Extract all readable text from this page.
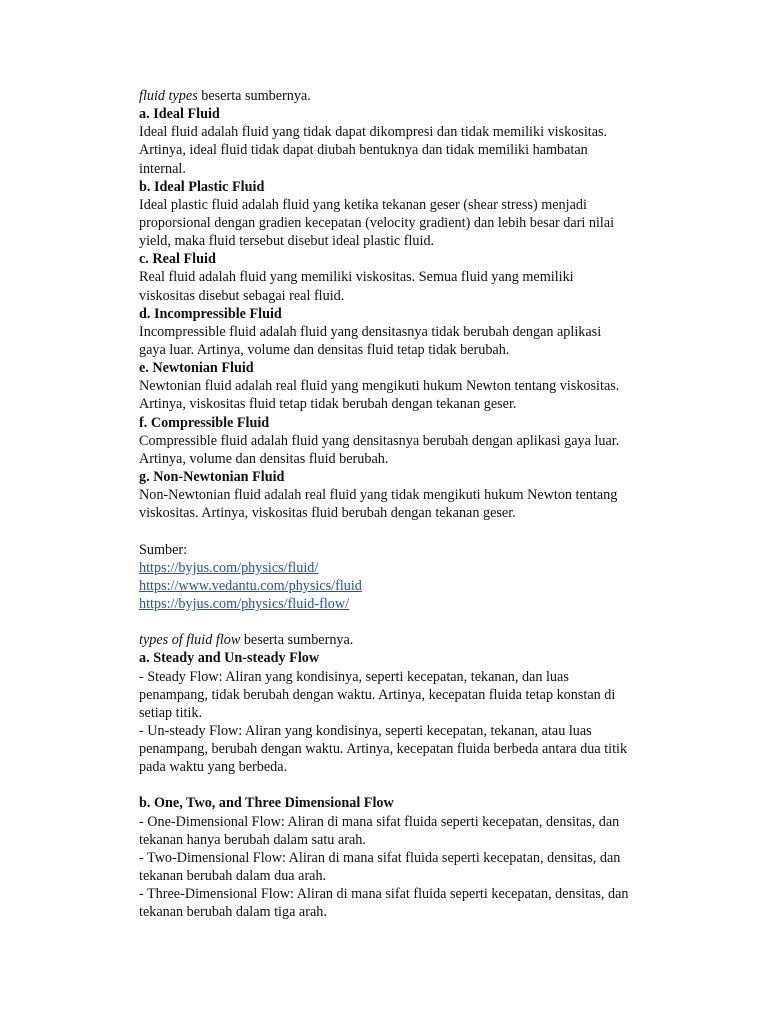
fluid types beserta sumbernya.
a. Ideal Fluid
Ideal fluid adalah fluid yang tidak dapat dikompresi dan tidak memiliki viskositas.
Artinya, ideal fluid tidak dapat diubah bentuknya dan tidak memiliki hambatan
internal.
b. Ideal Plastic Fluid
Ideal plastic fluid adalah fluid yang ketika tekanan geser (shear stress) menjadi
proporsional dengan gradien kecepatan (velocity gradient) dan lebih besar dari nilai
yield, maka fluid tersebut disebut ideal plastic fluid.
c. Real Fluid
Real fluid adalah fluid yang memiliki viskositas. Semua fluid yang memiliki
viskositas disebut sebagai real fluid.
d. Incompressible Fluid
Incompressible fluid adalah fluid yang densitasnya tidak berubah dengan aplikasi
gaya luar. Artinya, volume dan densitas fluid tetap tidak berubah.
e. Newtonian Fluid
Newtonian fluid adalah real fluid yang mengikuti hukum Newton tentang viskositas.
Artinya, viskositas fluid tetap tidak berubah dengan tekanan geser.
f. Compressible Fluid
Compressible fluid adalah fluid yang densitasnya berubah dengan aplikasi gaya luar.
Artinya, volume dan densitas fluid berubah.
g. Non-Newtonian Fluid
Non-Newtonian fluid adalah real fluid yang tidak mengikuti hukum Newton tentang
viskositas. Artinya, viskositas fluid berubah dengan tekanan geser.
Sumber:
https://byjus.com/physics/fluid/
https://www.vedantu.com/physics/fluid
https://byjus.com/physics/fluid-flow/
types of fluid flow beserta sumbernya.
a. Steady and Un-steady Flow
- Steady Flow: Aliran yang kondisinya, seperti kecepatan, tekanan, dan luas
penampang, tidak berubah dengan waktu. Artinya, kecepatan fluida tetap konstan di
setiap titik.
- Un-steady Flow: Aliran yang kondisinya, seperti kecepatan, tekanan, atau luas
penampang, berubah dengan waktu. Artinya, kecepatan fluida berbeda antara dua titik
pada waktu yang berbeda.
b. One, Two, and Three Dimensional Flow
- One-Dimensional Flow: Aliran di mana sifat fluida seperti kecepatan, densitas, dan
tekanan hanya berubah dalam satu arah.
- Two-Dimensional Flow: Aliran di mana sifat fluida seperti kecepatan, densitas, dan
tekanan berubah dalam dua arah.
- Three-Dimensional Flow: Aliran di mana sifat fluida seperti kecepatan, densitas, dan
tekanan berubah dalam tiga arah.
